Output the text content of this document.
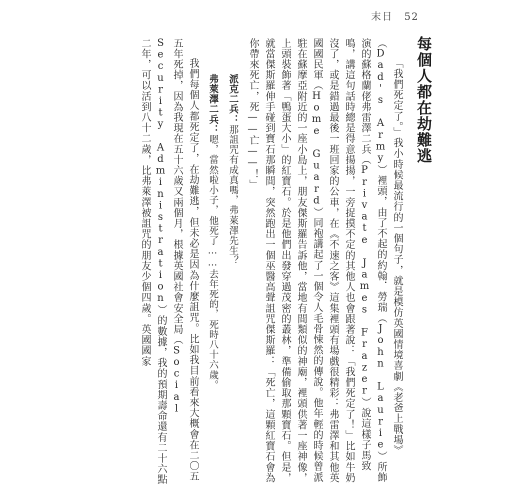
末日 52
每個人都在劫難逃

「我們死定了。」我小時候最流行的一個句子，就是模仿英國情境喜劇《老爸上戰場》（Dad's Army）裡頭，由了不起的約翰．勞瑞（John Laurie）所飾演的蘇格蘭佬弗雷澤二兵（Private James Frazer）說這樣子馬致鳴，講這句話時總是得意揚揚，一旁捉摸不定的其他人也會跟著說：「我們死定了！」比如牛奶沒了，或是錯過最後一班回家的公車，在《不速之客》這集裡頭有場戲很精彩：弗雷澤和其他英國國民軍（Home Guard）同袍講起了一個令人毛骨悚然的傳說。他年輕的時候曾派駐在蘇摩亞附近的一座小島上，朋友傑斯羅告訴他，當地有間類似的神廟，裡頭供著一座神像，上頭裝飾著「鴨蛋大小」的紅寶石。於是他們出發穿過茂密的叢林，準備偷取那顆寶石。但是，就當傑斯羅伸手碰到寶石那瞬間，突然跑出一個巫醫高聲詛咒傑斯羅：「死亡，這顆紅寶石會為你帶來死亡，死——亡——！」

派克二兵：那詛咒有成真嗎，弗萊澤先生？
弗萊澤二兵：嗯，當然啦小子，他死了……去年死的，死時八十六歲。

我們每個人都死定了，在劫難逃，但未必是因為什麼詛咒。比如我目前看來大概會在二〇五五年死掉，因為我現在五十六歲又兩個月，根據英國社會安全局（Social Security Administration）的數據，我的預期壽命還有二十六點二年，可以活到八十二歲，比弗萊澤被詛咒的朋友少個四歲。英國國家
